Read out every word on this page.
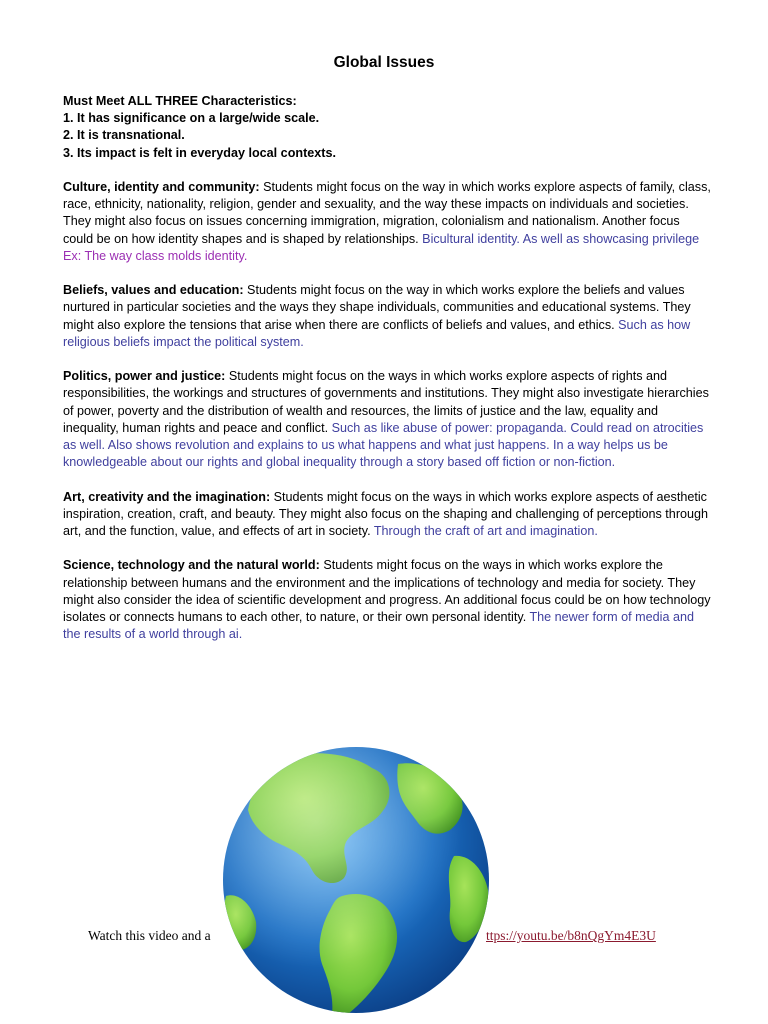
Global Issues

Must Meet ALL THREE Characteristics:

1. It has significance on a large/wide scale.

2. It is transnational.

3. Its impact is felt in everyday local contexts.

Culture, identity and community: Students might focus on the way in which works explore aspects of family, class, race, ethnicity, nationality, religion, gender and sexuality, and the way these impacts on individuals and societies. They might also focus on issues concerning immigration, migration, colonialism and nationalism. Another focus could be on how identity shapes and is shaped by relationships. Bicultural identity. As well as showcasing privilege
Ex: The way class molds identity.

Beliefs, values and education: Students might focus on the way in which works explore the beliefs and values nurtured in particular societies and the ways they shape individuals, communities and educational systems. They might also explore the tensions that arise when there are conflicts of beliefs and values, and ethics. Such as how religious beliefs impact the political system.

Politics, power and justice: Students might focus on the ways in which works explore aspects of rights and responsibilities, the workings and structures of governments and institutions. They might also investigate hierarchies of power, poverty and the distribution of wealth and resources, the limits of justice and the law, equality and inequality, human rights and peace and conflict. Such as like abuse of power: propaganda. Could read on atrocities as well. Also shows revolution and explains to us what happens and what just happens. In a way helps us be knowledgeable about our rights and global inequality through a story based off fiction or non-fiction.

Art, creativity and the imagination: Students might focus on the ways in which works explore aspects of aesthetic inspiration, creation, craft, and beauty. They might also focus on the shaping and challenging of perceptions through art, and the function, value, and effects of art in society. Through the craft of art and imagination.

Science, technology and the natural world: Students might focus on the ways in which works explore the relationship between humans and the environment and the implications of technology and media for society. They might also consider the idea of scientific development and progress. An additional focus could be on how technology isolates or connects humans to each other, to nature, or their own personal identity. The newer form of media and the results of a world through ai.

Watch this video and a	ttps://youtu.be/b8nQgYm4E3U
